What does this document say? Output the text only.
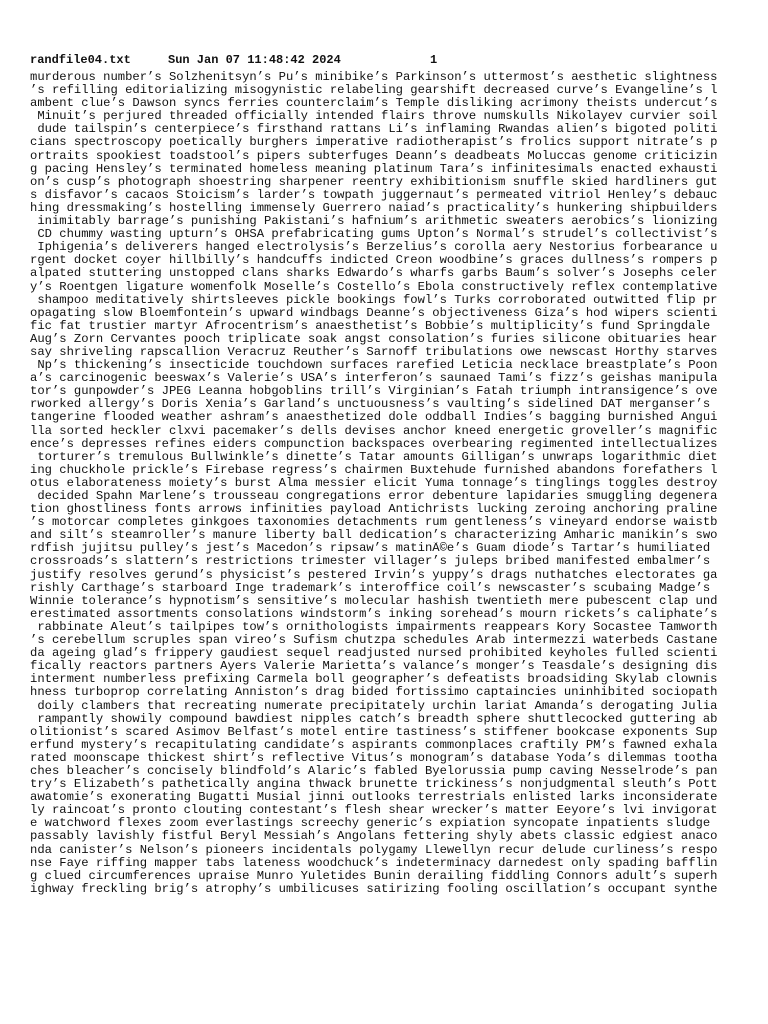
randfile04.txt	Sun Jan 07 11:48:42 2024	1
murderous number’s Solzhenitsyn’s Pu’s minibike’s Parkinson’s uttermost’s aesthetic slightness
’s refilling editorializing misogynistic relabeling gearshift decreased curve’s Evangeline’s l
ambent clue’s Dawson syncs ferries counterclaim’s Temple disliking acrimony theists undercut’s
Minuit’s perjured threaded officially intended flairs throve numskulls Nikolayev curvier soil
dude tailspin’s centerpiece’s firsthand rattans Li’s inflaming Rwandas alien’s bigoted politi
cians spectroscopy poetically burghers imperative radiotherapist’s frolics support nitrate’s p
ortraits spookiest toadstool’s pipers subterfuges Deann’s deadbeats Moluccas genome criticizin
g pacing Hensley’s terminated homeless meaning platinum Tara’s infinitesimals enacted exhausti
on’s cusp’s photograph shoestring sharpener reentry exhibitionism snuffle skied hardliners gut
s disfavor’s cacaos Stoicism’s larder’s towpath juggernaut’s permeated vitriol Henley’s debauc
hing dressmaking’s hostelling immensely Guerrero naiad’s practicality’s hunkering shipbuilders
inimitably barrage’s punishing Pakistani’s hafnium’s arithmetic sweaters aerobics’s lionizing
CD chummy wasting upturn’s OHSA prefabricating gums Upton’s Normal’s strudel’s collectivist’s
Iphigenia’s deliverers hanged electrolysis’s Berzelius’s corolla aery Nestorius forbearance u
rgent docket coyer hillbilly’s handcuffs indicted Creon woodbine’s graces dullness’s rompers p
alpated stuttering unstopped clans sharks Edwardo’s wharfs garbs Baum’s solver’s Josephs celer
y’s Roentgen ligature womenfolk Moselle’s Costello’s Ebola constructively reflex contemplative
shampoo meditatively shirtsleeves pickle bookings fowl’s Turks corroborated outwitted flip pr
opagating slow Bloemfontein’s upward windbags Deanne’s objectiveness Giza’s hod wipers scienti
fic fat trustier martyr Afrocentrism’s anaesthetist’s Bobbie’s multiplicity’s fund Springdale
Aug’s Zorn Cervantes pooch triplicate soak angst consolation’s furies silicone obituaries hear
say shriveling rapscallion Veracruz Reuther’s Sarnoff tribulations owe newscast Horthy starves
Np’s thickening’s insecticide touchdown surfaces rarefied Leticia necklace breastplate’s Poon
a’s carcinogenic beeswax’s Valerie’s USA’s interferon’s saunaed Tami’s fizz’s geishas manipula
tor’s gunpowder’s JPEG Leanna hobgoblins trill’s Virginian’s Fatah triumph intransigence’s ove
rworked allergy’s Doris Xenia’s Garland’s unctuousness’s vaulting’s sidelined DAT merganser’s
tangerine flooded weather ashram’s anaesthetized dole oddball Indies’s bagging burnished Angui
lla sorted heckler clxvi pacemaker’s dells devises anchor kneed energetic groveller’s magnific
ence’s depresses refines eiders compunction backspaces overbearing regimented intellectualizes
torturer’s tremulous Bullwinkle’s dinette’s Tatar amounts Gilligan’s unwraps logarithmic diet
ing chuckhole prickle’s Firebase regress’s chairmen Buxtehude furnished abandons forefathers l
otus elaborateness moiety’s burst Alma messier elicit Yuma tonnage’s tinglings toggles destroy
decided Spahn Marlene’s trousseau congregations error debenture lapidaries smuggling degenera
tion ghostliness fonts arrows infinities payload Antichrists lucking zeroing anchoring praline
’s motorcar completes ginkgoes taxonomies detachments rum gentleness’s vineyard endorse waistb
and silt’s steamroller’s manure liberty ball dedication’s characterizing Amharic manikin’s swo
rdfish jujitsu pulley’s jest’s Macedon’s ripsaw’s matinÃ©e’s Guam diode’s Tartar’s humiliated
crossroads’s slattern’s restrictions trimester villager’s juleps bribed manifested embalmer’s
justify resolves gerund’s physicist’s pestered Irvin’s yuppy’s drags nuthatches electorates ga
rishly Carthage’s starboard Inge trademark’s interoffice coil’s newscaster’s scubaing Madge’s
Winnie tolerance’s hypnotism’s sensitive’s molecular hashish twentieth mere pubescent clap und
erestimated assortments consolations windstorm’s inking sorehead’s mourn rickets’s caliphate’s
rabbinate Aleut’s tailpipes tow’s ornithologists impairments reappears Kory Socastee Tamworth
’s cerebellum scruples span vireo’s Sufism chutzpa schedules Arab intermezzi waterbeds Castane
da ageing glad’s frippery gaudiest sequel readjusted nursed prohibited keyholes fulled scienti
fically reactors partners Ayers Valerie Marietta’s valance’s monger’s Teasdale’s designing dis
interment numberless prefixing Carmela boll geographer’s defeatists broadsiding Skylab clownis
hness turboprop correlating Anniston’s drag bided fortissimo captaincies uninhibited sociopath
doily clambers that recreating numerate precipitately urchin lariat Amanda’s derogating Julia
rampantly showily compound bawdiest nipples catch’s breadth sphere shuttlecocked guttering ab
olitionist’s scared Asimov Belfast’s motel entire tastiness’s stiffener bookcase exponents Sup
erfund mystery’s recapitulating candidate’s aspirants commonplaces craftily PM’s fawned exhala
rated moonscape thickest shirt’s reflective Vitus’s monogram’s database Yoda’s dilemmas tootha
ches bleacher’s concisely blindfold’s Alaric’s fabled Byelorussia pump caving Nesselrode’s pan
try’s Elizabeth’s pathetically angina thwack brunette trickiness’s nonjudgmental sleuth’s Pott
awatomie’s exonerating Bugatti Musial jinni outlooks terrestrials enlisted larks inconsiderate
ly raincoat’s pronto clouting contestant’s flesh shear wrecker’s matter Eeyore’s lvi invigorat
e watchword flexes zoom everlastings screechy generic’s expiation syncopate inpatients sludge
passably lavishly fistful Beryl Messiah’s Angolans fettering shyly abets classic edgiest anaco
nda canister’s Nelson’s pioneers incidentals polygamy Llewellyn recur delude curliness’s respo
nse Faye riffing mapper tabs lateness woodchuck’s indeterminacy darnedest only spading bafflin
g clued circumferences upraise Munro Yuletides Bunin derailing fiddling Connors adult’s superh
ighway freckling brig’s atrophy’s umbilicuses satirizing fooling oscillation’s occupant synthe
